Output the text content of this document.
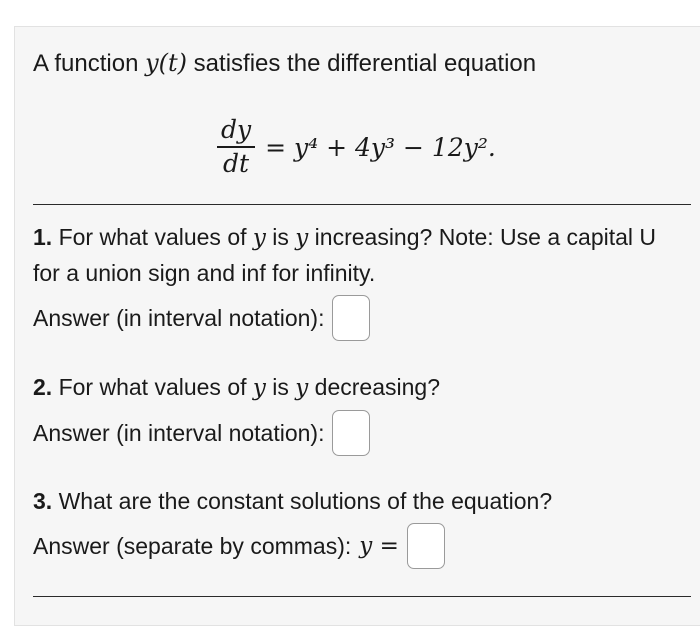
A function y(t) satisfies the differential equation
$\frac{dy}{dt} = y^4 + 4y^3 - 12y^2$.
1. For what values of y is y increasing? Note: Use a capital U for a union sign and inf for infinity.
Answer (in interval notation):
2. For what values of y is y decreasing?
Answer (in interval notation):
3. What are the constant solutions of the equation?
Answer (separate by commas): y =
